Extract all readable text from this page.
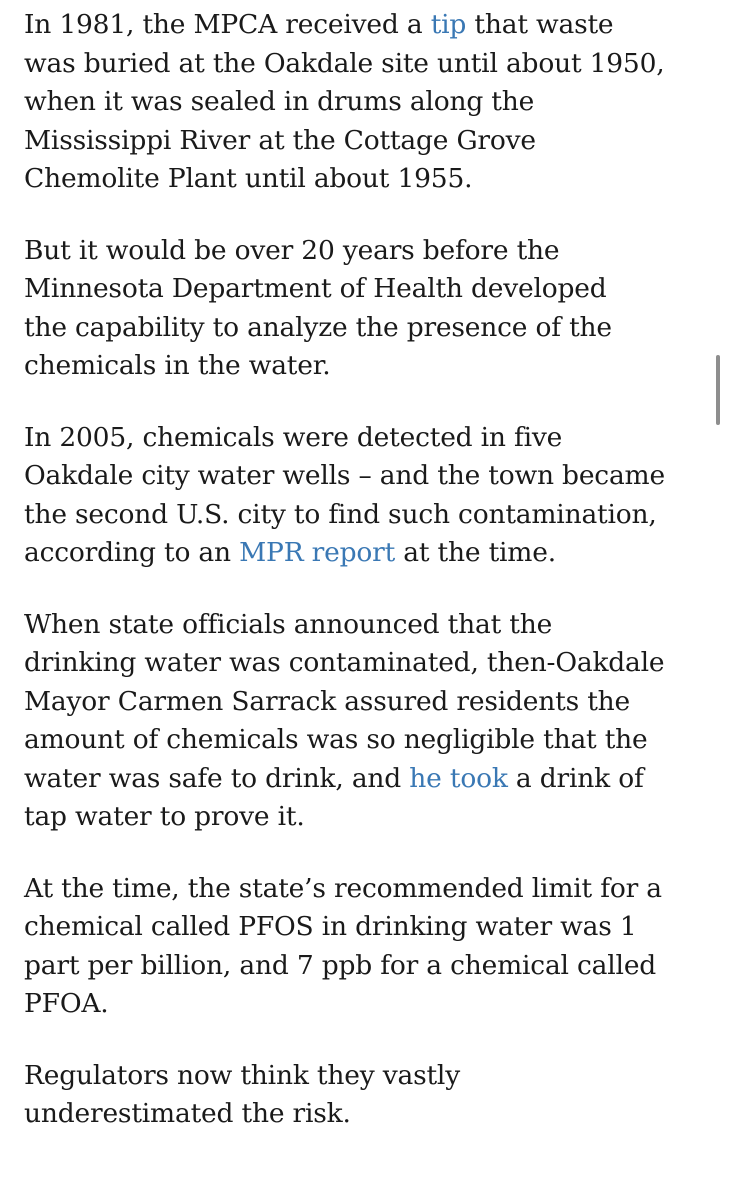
In 1981, the MPCA received a tip that waste
was buried at the Oakdale site until about 1950,
when it was sealed in drums along the
Mississippi River at the Cottage Grove
Chemolite Plant until about 1955.

But it would be over 20 years before the
Minnesota Department of Health developed
the capability to analyze the presence of the
chemicals in the water.

In 2005, chemicals were detected in five
Oakdale city water wells – and the town became
the second U.S. city to find such contamination,
according to an MPR report at the time.

When state officials announced that the
drinking water was contaminated, then-Oakdale
Mayor Carmen Sarrack assured residents the
amount of chemicals was so negligible that the
water was safe to drink, and he took a drink of
tap water to prove it.

At the time, the state’s recommended limit for a
chemical called PFOS in drinking water was 1
part per billion, and 7 ppb for a chemical called
PFOA.

Regulators now think they vastly
underestimated the risk.
